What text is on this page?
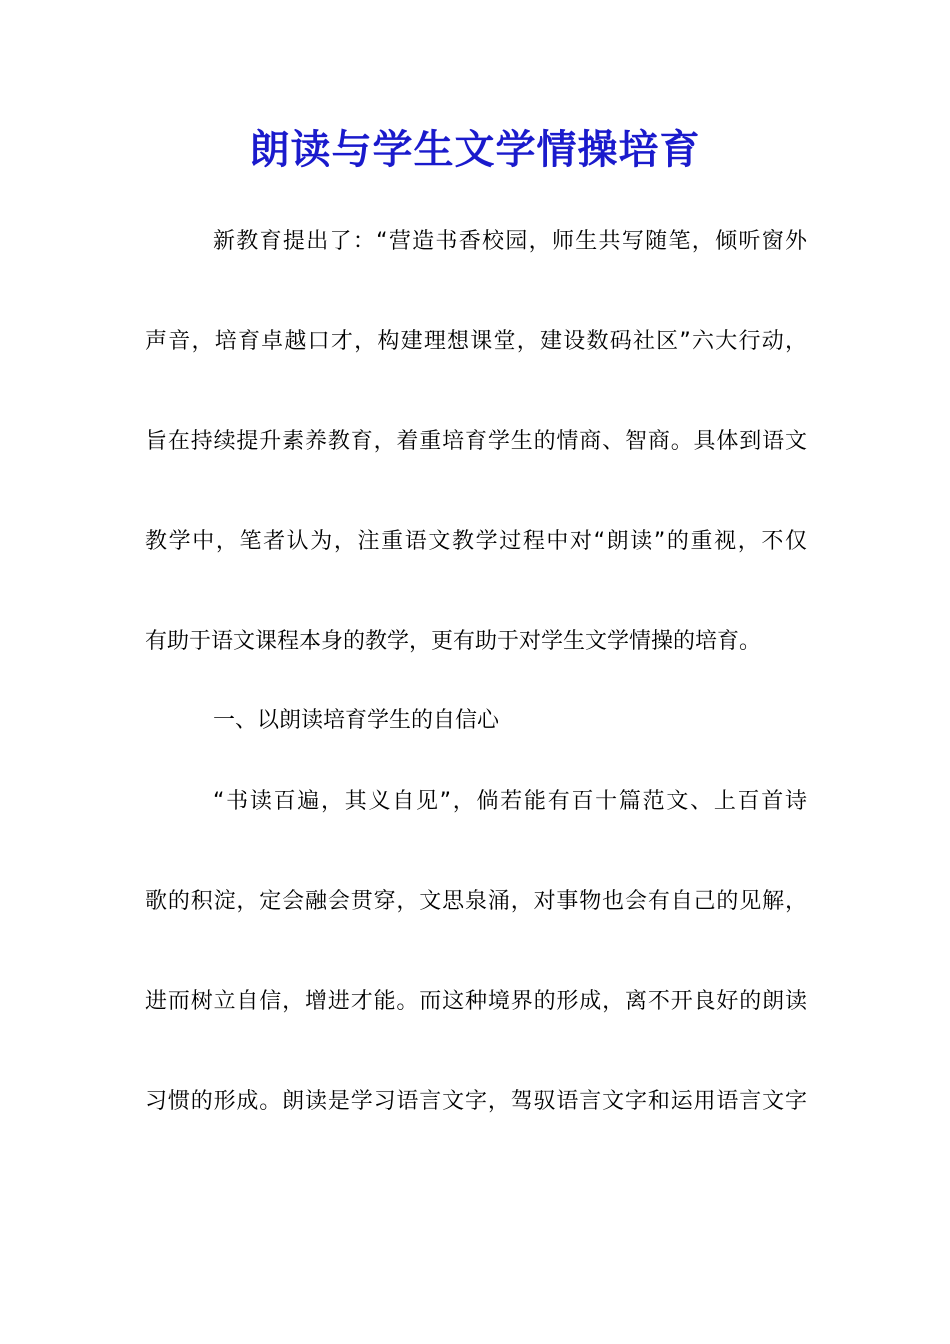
朗读与学生文学情操培育
新教育提出了：“营造书香校园，师生共写随笔，倾听窗外
声音，培育卓越口才，构建理想课堂，建设数码社区”六大行动，
旨在持续提升素养教育，着重培育学生的情商、智商。具体到语文
教学中，笔者认为，注重语文教学过程中对“朗读”的重视，不仅
有助于语文课程本身的教学，更有助于对学生文学情操的培育。
一、以朗读培育学生的自信心
“书读百遍，其义自见”，倘若能有百十篇范文、上百首诗
歌的积淀，定会融会贯穿，文思泉涌，对事物也会有自己的见解，
进而树立自信，增进才能。而这种境界的形成，离不开良好的朗读
习惯的形成。朗读是学习语言文字，驾驭语言文字和运用语言文字
